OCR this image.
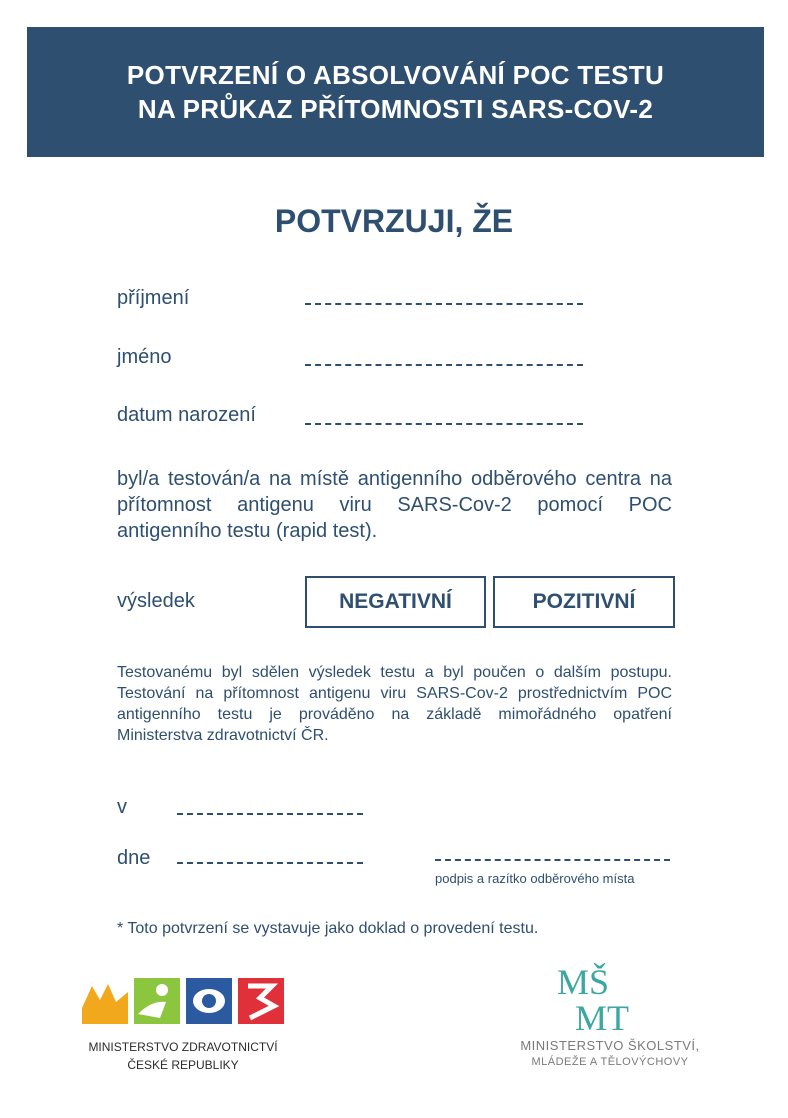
POTVRZENÍ O ABSOLVOVÁNÍ POC TESTU
NA PRŮKAZ PŘÍTOMNOSTI SARS-COV-2
POTVRZUJI, ŽE
příjmení
jméno
datum narození
byl/a testován/a na místě antigenního odběrového centra na přítomnost antigenu viru SARS-Cov-2 pomocí POC antigenního testu (rapid test).
výsledek	NEGATIVNÍ	POZITIVNÍ
Testovanému byl sdělen výsledek testu a byl poučen o dalším postupu. Testování na přítomnost antigenu viru SARS-Cov-2 prostřednictvím POC antigenního testu je prováděno na základě mimořádného opatření Ministerstva zdravotnictví ČR.
v
dne
podpis a razítko odběrového místa
* Toto potvrzení se vystavuje jako doklad o provedení testu.
MINISTERSTVO ZDRAVOTNICTVÍ
ČESKÉ REPUBLIKY
MŠ
MT
MINISTERSTVO ŠKOLSTVÍ,
MLÁDEŽE A TĚLOVÝCHOVY
